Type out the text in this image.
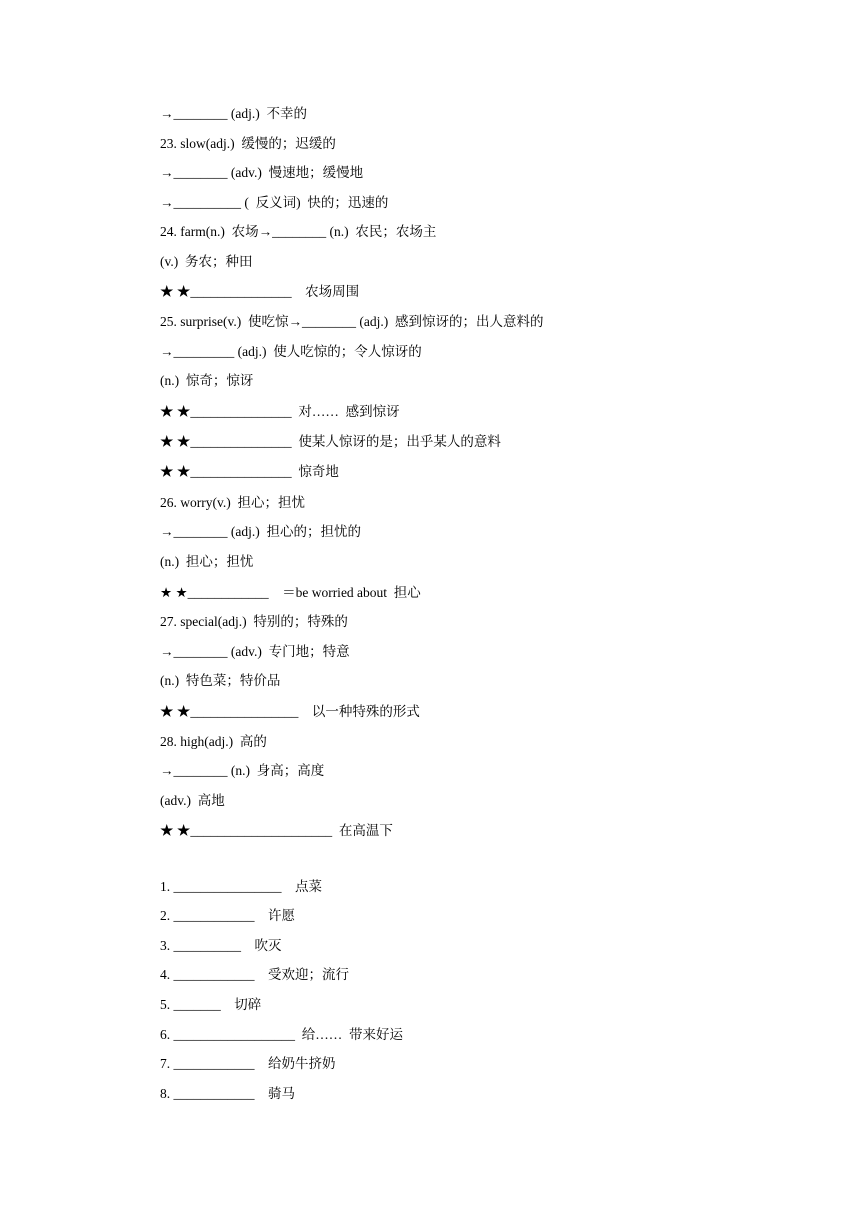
→________ (adj.)  不幸的
23. slow(adj.)  缓慢的；迟缓的
→________ (adv.)  慢速地；缓慢地
→__________ (  反义词)  快的；迅速的
24. farm(n.)  农场→________ (n.)  农民；农场主
(v.)  务农；种田
★ ★_______________    农场周围
25. surprise(v.)  使吃惊→________ (adj.)  感到惊讶的；出人意料的
→_________ (adj.)  使人吃惊的；令人惊讶的
(n.)  惊奇；惊讶
★ ★_______________  对……  感到惊讶
★ ★_______________  使某人惊讶的是；出乎某人的意料
★ ★_______________  惊奇地
26. worry(v.)  担心；担忧
→________ (adj.)  担心的；担忧的
(n.)  担心；担忧
★ ★____________    ＝be worried about  担心
27. special(adj.)  特别的；特殊的
→________ (adv.)  专门地；特意
(n.)  特色菜；特价品
★ ★________________    以一种特殊的形式
28. high(adj.)  高的
→________ (n.)  身高；高度
(adv.)  高地
★ ★_____________________  在高温下
1. ________________    点菜
2. ____________    许愿
3. __________    吹灭
4. ____________    受欢迎；流行
5. _______    切碎
6. __________________  给……  带来好运
7. ____________    给奶牛挤奶
8. ____________    骑马
